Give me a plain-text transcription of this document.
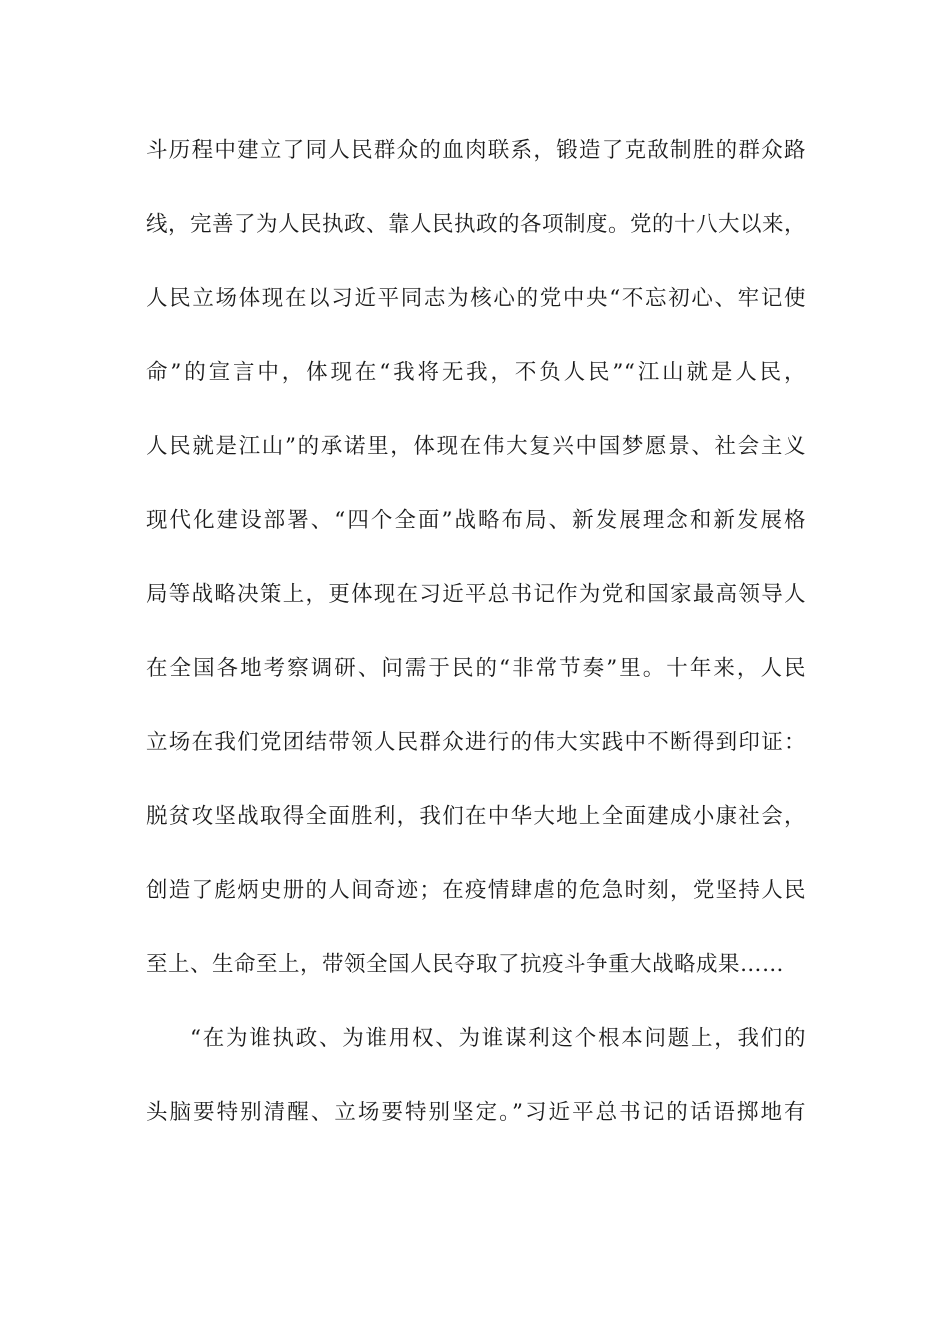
斗历程中建立了同人民群众的血肉联系，锻造了克敌制胜的群众路
线，完善了为人民执政、靠人民执政的各项制度。党的十八大以来，
人民立场体现在以习近平同志为核心的党中央“不忘初心、牢记使
命”的宣言中，体现在“我将无我，不负人民”“江山就是人民，
人民就是江山”的承诺里，体现在伟大复兴中国梦愿景、社会主义
现代化建设部署、“四个全面”战略布局、新发展理念和新发展格
局等战略决策上，更体现在习近平总书记作为党和国家最高领导人
在全国各地考察调研、问需于民的“非常节奏”里。十年来，人民
立场在我们党团结带领人民群众进行的伟大实践中不断得到印证：
脱贫攻坚战取得全面胜利，我们在中华大地上全面建成小康社会，
创造了彪炳史册的人间奇迹；在疫情肆虐的危急时刻，党坚持人民
至上、生命至上，带领全国人民夺取了抗疫斗争重大战略成果……
“在为谁执政、为谁用权、为谁谋利这个根本问题上，我们的
头脑要特别清醒、立场要特别坚定。”习近平总书记的话语掷地有
